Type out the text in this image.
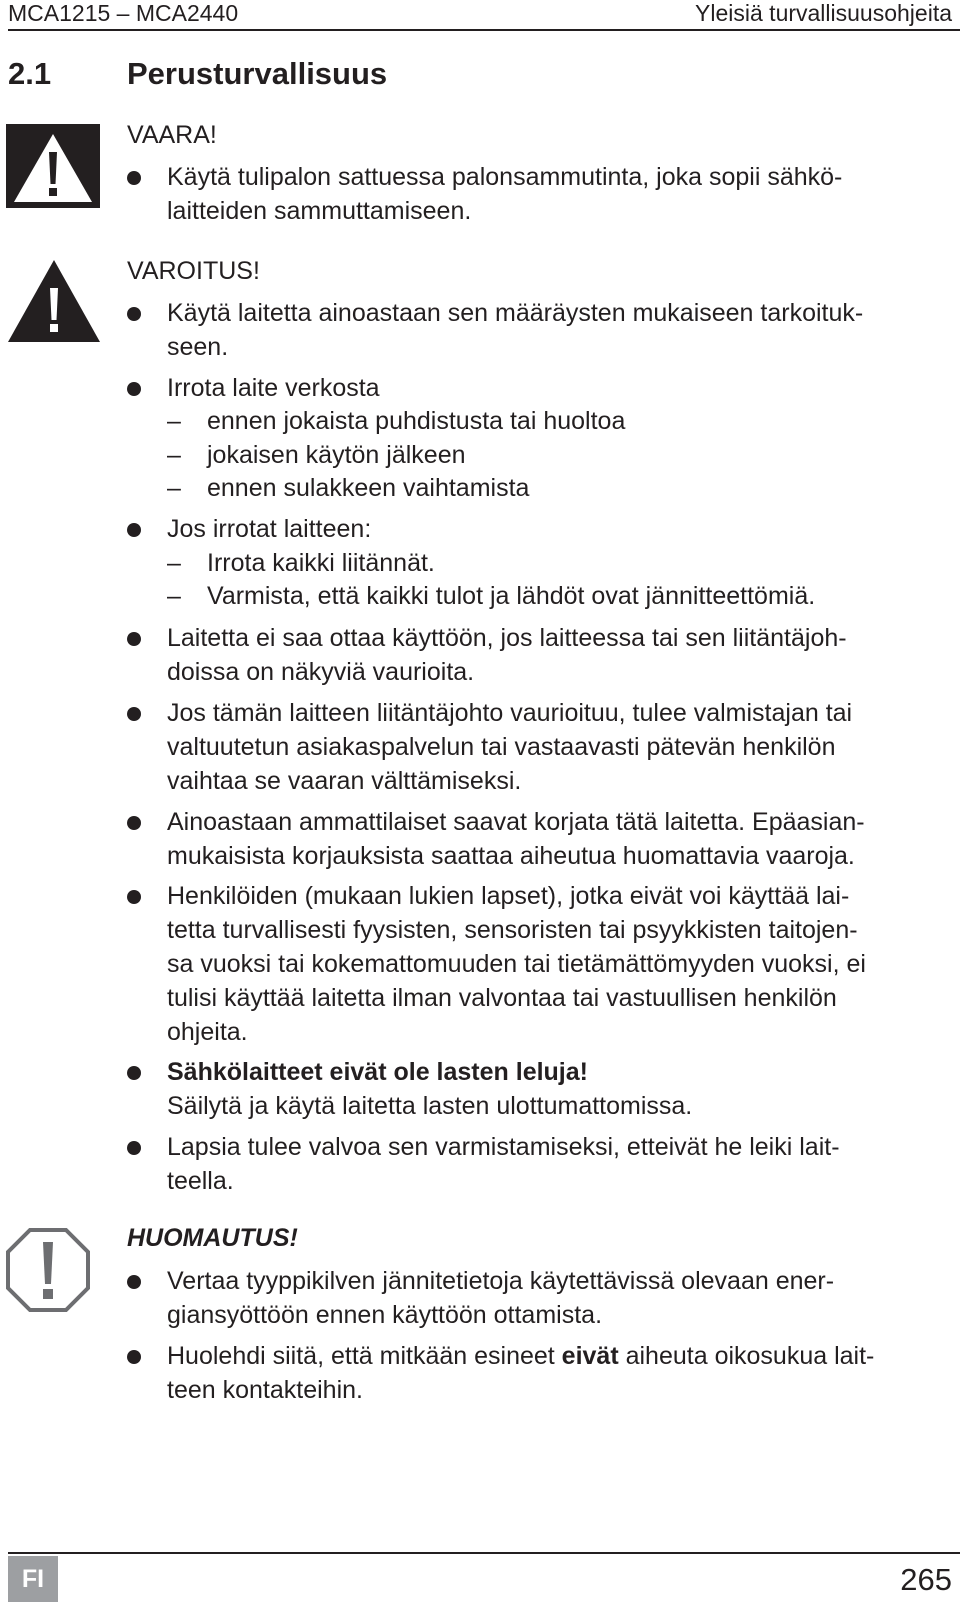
MCA1215 – MCA2440	Yleisiä turvallisuusohjeita
2.1 Perusturvallisuus
VAARA!
Käytä tulipalon sattuessa palonsammutinta, joka sopii sähkö-
laitteiden sammuttamiseen.
VAROITUS!
Käytä laitetta ainoastaan sen määräysten mukaiseen tarkoituk-
seen.
Irrota laite verkosta
– ennen jokaista puhdistusta tai huoltoa
– jokaisen käytön jälkeen
– ennen sulakkeen vaihtamista
Jos irrotat laitteen:
– Irrota kaikki liitännät.
– Varmista, että kaikki tulot ja lähdöt ovat jännitteettömiä.
Laitetta ei saa ottaa käyttöön, jos laitteessa tai sen liitäntäjoh-
doissa on näkyviä vaurioita.
Jos tämän laitteen liitäntäjohto vaurioituu, tulee valmistajan tai
valtuutetun asiakaspalvelun tai vastaavasti pätevän henkilön
vaihtaa se vaaran välttämiseksi.
Ainoastaan ammattilaiset saavat korjata tätä laitetta. Epäasian-
mukaisista korjauksista saattaa aiheutua huomattavia vaaroja.
Henkilöiden (mukaan lukien lapset), jotka eivät voi käyttää lai-
tetta turvallisesti fyysisten, sensoristen tai psyykkisten taitojen-
sa vuoksi tai kokemattomuuden tai tietämättömyyden vuoksi, ei
tulisi käyttää laitetta ilman valvontaa tai vastuullisen henkilön
ohjeita.
Sähkölaitteet eivät ole lasten leluja!
Säilytä ja käytä laitetta lasten ulottumattomissa.
Lapsia tulee valvoa sen varmistamiseksi, etteivät he leiki lait-
teella.
HUOMAUTUS!
Vertaa tyyppikilven jännitetietoja käytettävissä olevaan ener-
giansyöttöön ennen käyttöön ottamista.
Huolehdi siitä, että mitkään esineet eivät aiheuta oikosukua lait-
teen kontakteihin.
FI	265
